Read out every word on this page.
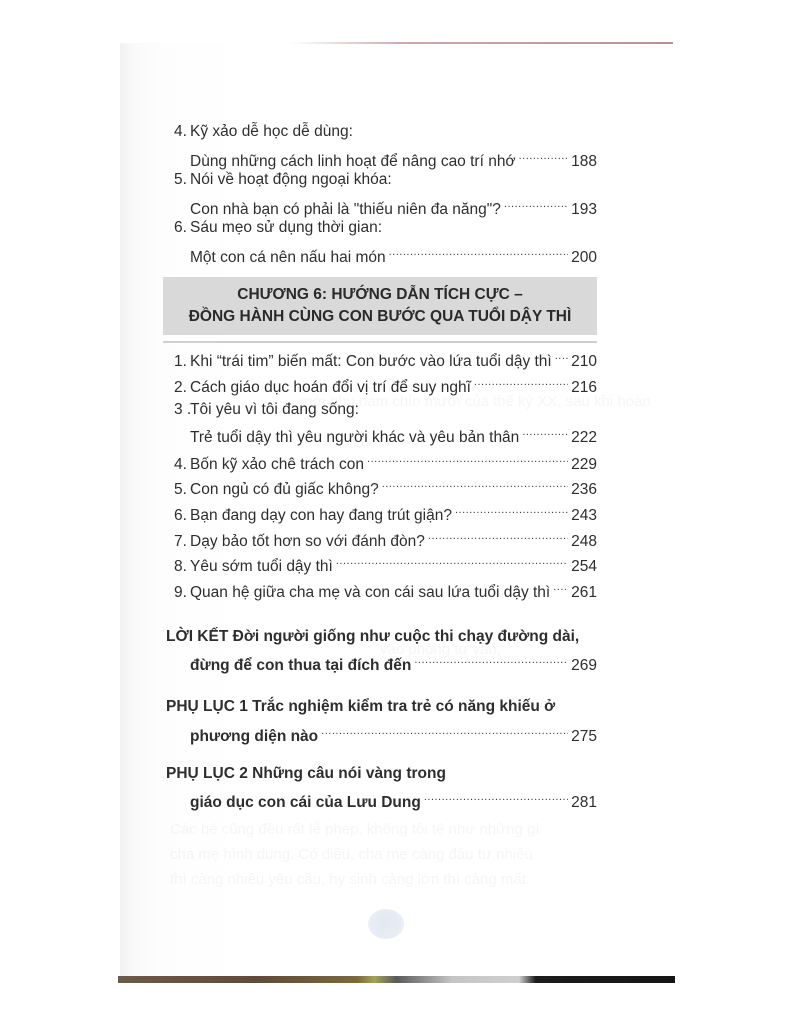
4. Kỹ xảo dễ học dễ dùng:
Dùng những cách linh hoạt để nâng cao trí nhớ .....	188
5. Nói về hoạt động ngoại khóa:
Con nhà bạn có phải là "thiếu niên đa năng"? .....	193
6. Sáu mẹo sử dụng thời gian:
Một con cá nên nấu hai món .....	200
CHƯƠNG 6: HƯỚNG DẪN TÍCH CỰC –
ĐỒNG HÀNH CÙNG CON BƯỚC QUA TUỔI DẬY THÌ
1. Khi “trái tim” biến mất: Con bước vào lứa tuổi dậy thì ..... 210
2. Cách giáo dục hoán đổi vị trí để suy nghĩ .....	216
3 .
Tôi yêu vì tôi đang sống:
Trẻ tuổi dậy thì yêu người khác và yêu bản thân .....	222
4. Bốn kỹ xảo chê trách con .....	229
5. Con ngủ có đủ giấc không? .....	236
6. Bạn đang dạy con hay đang trút giận? .....	243
7. Dạy bảo tốt hơn so với đánh đòn? .....	248
8. Yêu sớm tuổi dậy thì .....	254
9. Quan hệ giữa cha mẹ và con cái sau lứa tuổi dậy thì ..... 261
LỜI KẾT Đời người giống như cuộc thi chạy đường dài,
đừng để con thua tại đích đến .....	269
PHỤ LỤC 1 Trắc nghiệm kiểm tra trẻ có năng khiếu ở
phương diện nào .....	275
PHỤ LỤC 2 Những câu nói vàng trong
giáo dục con cái của Lưu Dung .....	281
